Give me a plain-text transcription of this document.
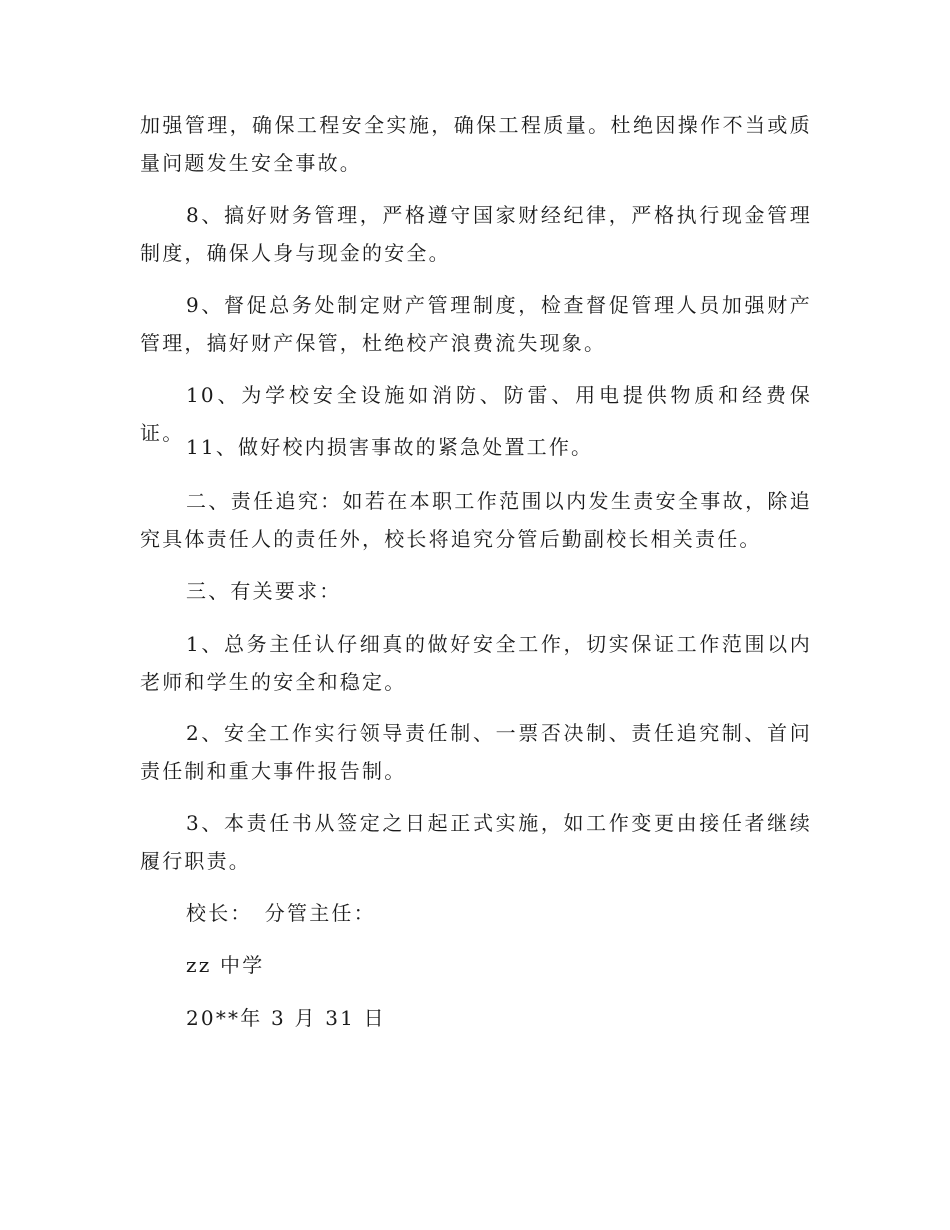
加强管理，确保工程安全实施，确保工程质量。杜绝因操作不当或质量问题发生安全事故。

8、搞好财务管理，严格遵守国家财经纪律，严格执行现金管理制度，确保人身与现金的安全。

9、督促总务处制定财产管理制度，检查督促管理人员加强财产管理，搞好财产保管，杜绝校产浪费流失现象。

10、为学校安全设施如消防、防雷、用电提供物质和经费保证。

11、做好校内损害事故的紧急处置工作。

二、责任追究：如若在本职工作范围以内发生责安全事故，除追究具体责任人的责任外，校长将追究分管后勤副校长相关责任。

三、有关要求：

1、总务主任认仔细真的做好安全工作，切实保证工作范围以内老师和学生的安全和稳定。

2、安全工作实行领导责任制、一票否决制、责任追究制、首问责任制和重大事件报告制。

3、本责任书从签定之日起正式实施，如工作变更由接任者继续履行职责。

校长：　分管主任：

zz 中学

20**年 3 月 31 日
